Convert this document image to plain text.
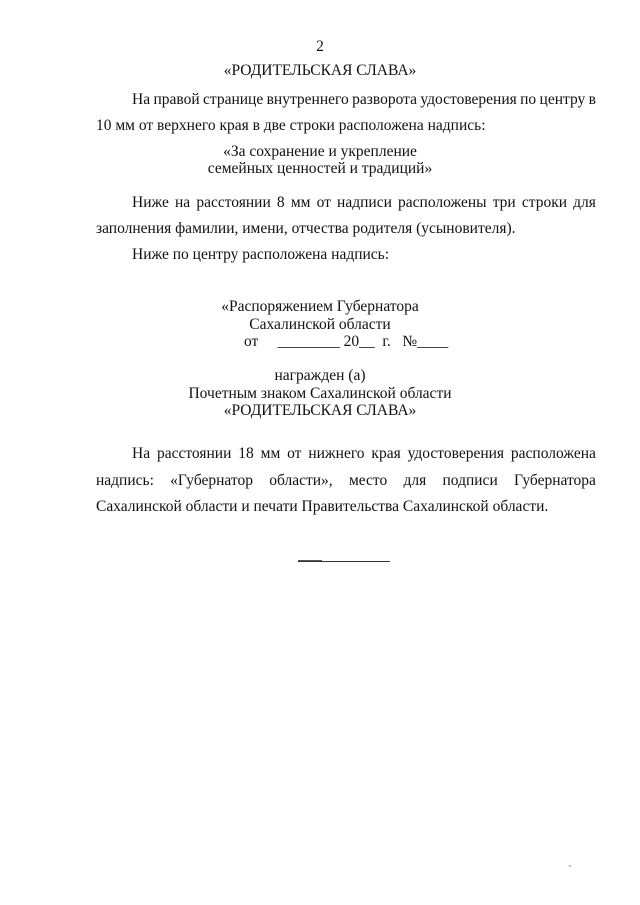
2
«РОДИТЕЛЬСКАЯ СЛАВА»
На правой странице внутреннего разворота удостоверения по центру в
10 мм от верхнего края в две строки расположена надпись:
«За сохранение и укрепление
семейных ценностей и традиций»
Ниже на расстоянии 8 мм от надписи расположены три строки для
заполнения фамилии, имени, отчества родителя (усыновителя).
Ниже по центру расположена надпись:
«Распоряжением Губернатора
Сахалинской области
от     ________ 20__  г.   №____
награжден (а)
Почетным знаком Сахалинской области
«РОДИТЕЛЬСКАЯ СЛАВА»
На расстоянии 18 мм от нижнего края удостоверения расположена
надпись: «Губернатор области», место для подписи Губернатора
Сахалинской области и печати Правительства Сахалинской области.
